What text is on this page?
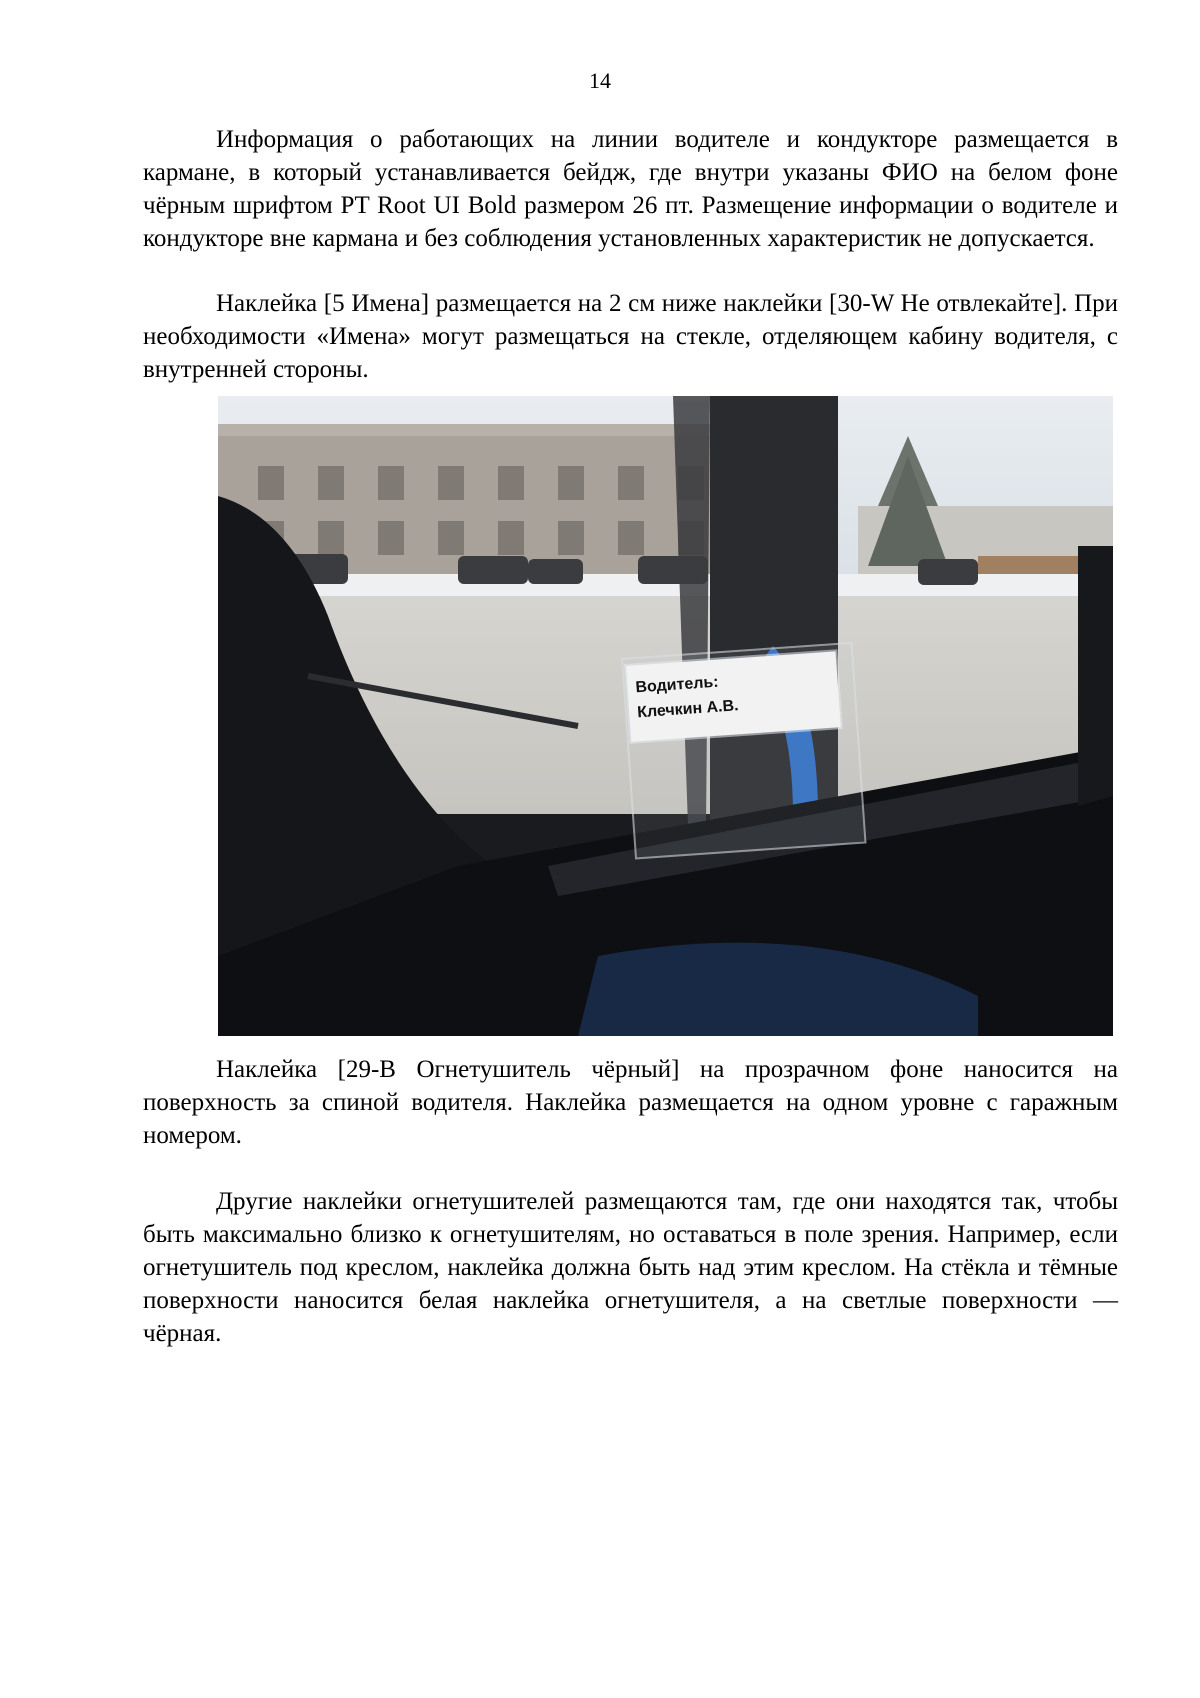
14

Информация о работающих на линии водителе и кондукторе размещается в кармане, в который устанавливается бейдж, где внутри указаны ФИО на белом фоне чёрным шрифтом PT Root UI Bold размером 26 пт. Размещение информации о водителе и кондукторе вне кармана и без соблюдения установленных характеристик не допускается.

Наклейка [5 Имена] размещается на 2 см ниже наклейки [30-W Не отвлекайте]. При необходимости «Имена» могут размещаться на стекле, отделяющем кабину водителя, с внутренней стороны.

Водитель:
Клечкин А.В.

Наклейка [29-В Огнетушитель чёрный] на прозрачном фоне наносится на поверхность за спиной водителя. Наклейка размещается на одном уровне с гаражным номером.

Другие наклейки огнетушителей размещаются там, где они находятся так, чтобы быть максимально близко к огнетушителям, но оставаться в поле зрения. Например, если огнетушитель под креслом, наклейка должна быть над этим креслом. На стёкла и тёмные поверхности наносится белая наклейка огнетушителя, а на светлые поверхности — чёрная.
